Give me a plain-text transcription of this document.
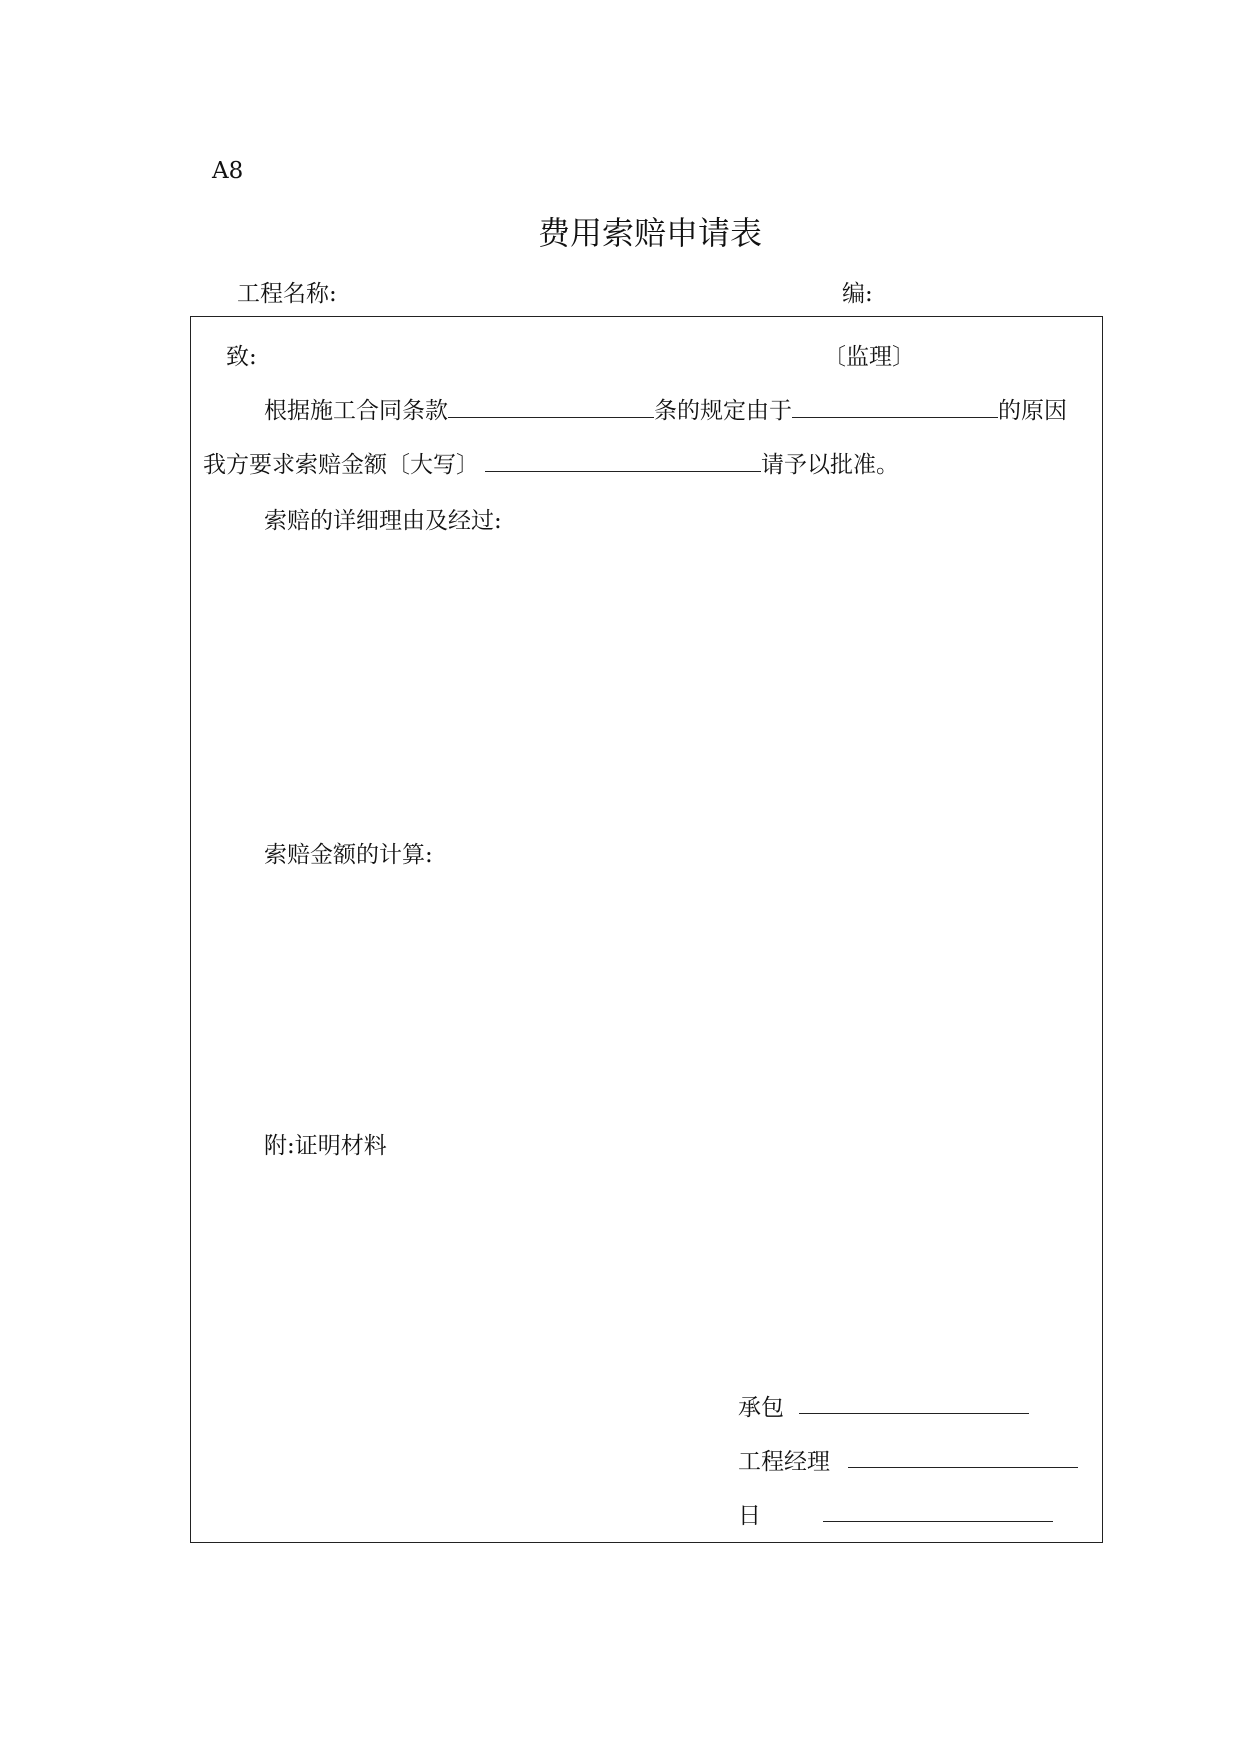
A8
费用索赔申请表
工程名称:	编:
致:	〔监理〕
根据施工合同条款	条的规定由于	的原因
我方要求索赔金额〔大写〕	请予以批准。
索赔的详细理由及经过:
索赔金额的计算:
附:证明材料
承包
工程经理
日
